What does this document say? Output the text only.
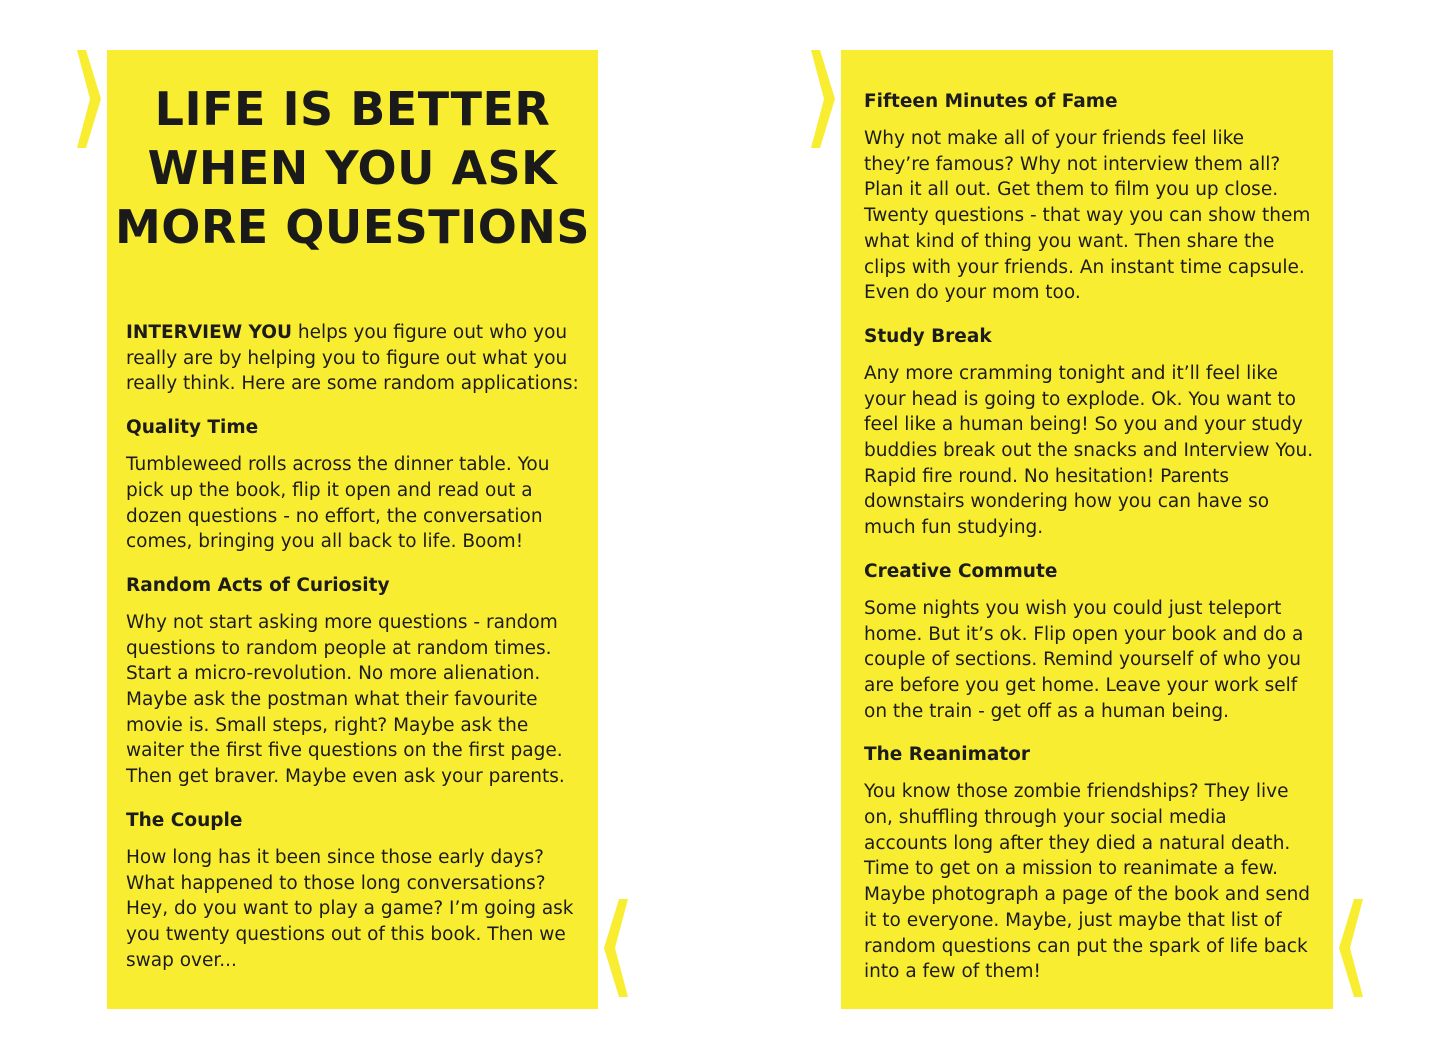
LIFE IS BETTER
WHEN YOU ASK
MORE QUESTIONS

INTERVIEW YOU helps you figure out who you really are by helping you to figure out what you really think. Here are some random applications:

Quality Time

Tumbleweed rolls across the dinner table. You pick up the book, flip it open and read out a dozen questions - no effort, the conversation comes, bringing you all back to life. Boom!

Random Acts of Curiosity

Why not start asking more questions - random questions to random people at random times. Start a micro-revolution. No more alienation. Maybe ask the postman what their favourite movie is. Small steps, right? Maybe ask the waiter the first five questions on the first page. Then get braver. Maybe even ask your parents.

The Couple

How long has it been since those early days? What happened to those long conversations? Hey, do you want to play a game? I’m going ask you twenty questions out of this book. Then we swap over...

Fifteen Minutes of Fame

Why not make all of your friends feel like they’re famous? Why not interview them all? Plan it all out. Get them to film you up close. Twenty questions - that way you can show them what kind of thing you want. Then share the clips with your friends. An instant time capsule. Even do your mom too.

Study Break

Any more cramming tonight and it’ll feel like your head is going to explode. Ok. You want to feel like a human being! So you and your study buddies break out the snacks and Interview You. Rapid fire round. No hesitation! Parents downstairs wondering how you can have so much fun studying.

Creative Commute

Some nights you wish you could just teleport home. But it’s ok. Flip open your book and do a couple of sections. Remind yourself of who you are before you get home. Leave your work self on the train - get off as a human being.

The Reanimator

You know those zombie friendships? They live on, shuffling through your social media accounts long after they died a natural death. Time to get on a mission to reanimate a few. Maybe photograph a page of the book and send it to everyone. Maybe, just maybe that list of random questions can put the spark of life back into a few of them!
